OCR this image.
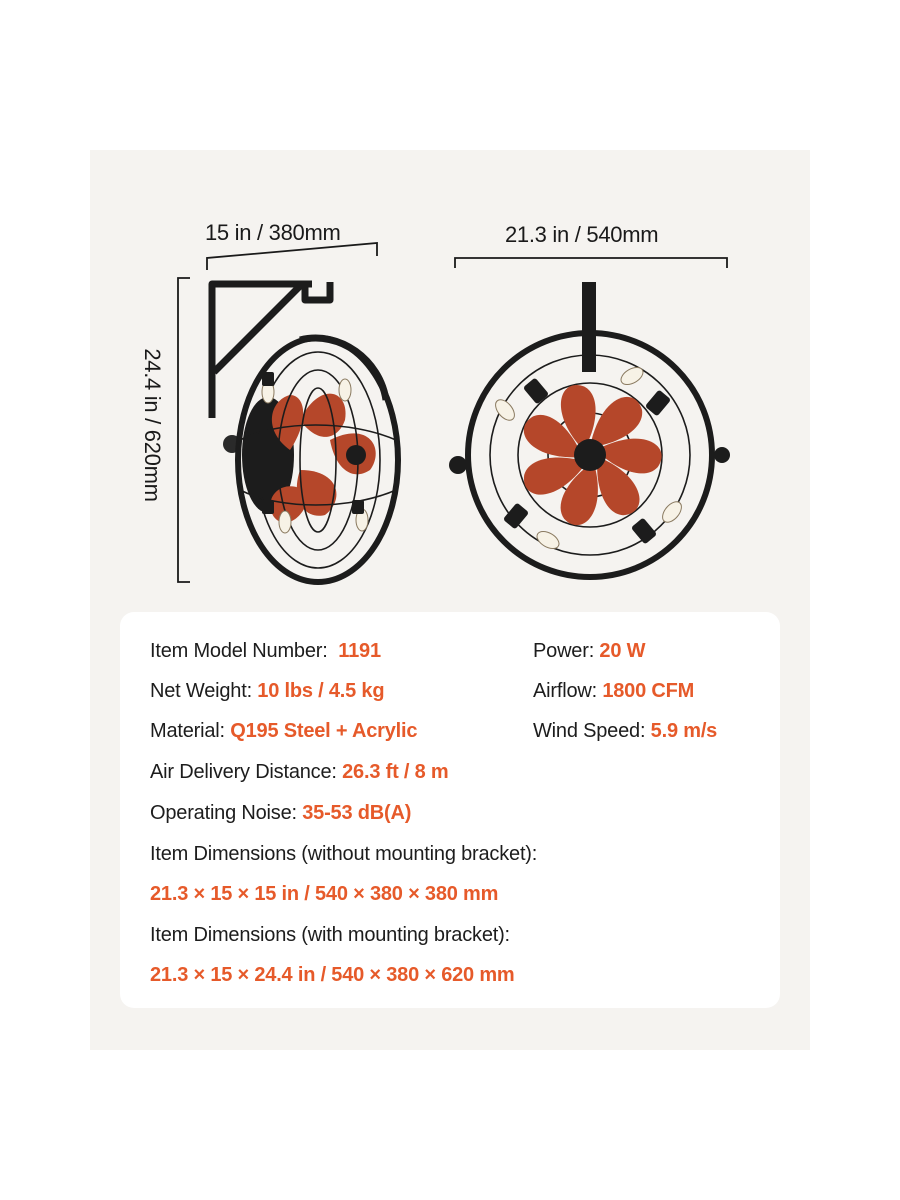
15 in / 380mm	21.3 in / 540mm
24.4 in / 620mm
Item Model Number: 1191
Net Weight: 10 lbs / 4.5 kg
Material: Q195 Steel + Acrylic
Air Delivery Distance: 26.3 ft / 8 m
Operating Noise: 35-53 dB(A)
Power: 20 W
Airflow: 1800 CFM
Wind Speed: 5.9 m/s
Item Dimensions (without mounting bracket):
21.3 × 15 × 15 in / 540 × 380 × 380 mm
Item Dimensions (with mounting bracket):
21.3 × 15 × 24.4 in / 540 × 380 × 620 mm
